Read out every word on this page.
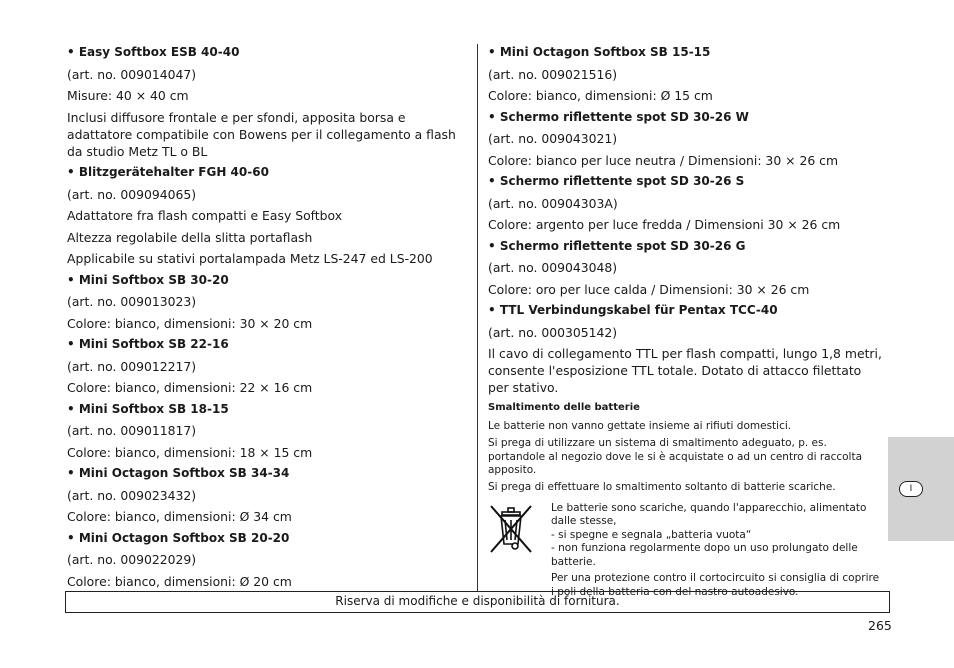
• Easy Softbox ESB 40-40
(art. no. 009014047)
Misure: 40 × 40 cm
Inclusi diffusore frontale e per sfondi, apposita borsa e adattatore compatibile con Bowens per il collegamento a flash da studio Metz TL o BL
• Blitzgerätehalter FGH 40-60
(art. no. 009094065)
Adattatore fra flash compatti e Easy Softbox
Altezza regolabile della slitta portaflash
Applicabile su stativi portalampada Metz LS-247 ed LS-200
• Mini Softbox SB 30-20
(art. no. 009013023)
Colore: bianco, dimensioni: 30 × 20 cm
• Mini Softbox SB 22-16
(art. no. 009012217)
Colore: bianco, dimensioni: 22 × 16 cm
• Mini Softbox SB 18-15
(art. no. 009011817)
Colore: bianco, dimensioni: 18 × 15 cm
• Mini Octagon Softbox SB 34-34
(art. no. 009023432)
Colore: bianco, dimensioni: Ø 34 cm
• Mini Octagon Softbox SB 20-20
(art. no. 009022029)
Colore: bianco, dimensioni: Ø 20 cm
• Mini Octagon Softbox SB 15-15
(art. no. 009021516)
Colore: bianco, dimensioni: Ø 15 cm
• Schermo riflettente spot SD 30-26 W
(art. no. 009043021)
Colore: bianco per luce neutra / Dimensioni: 30 × 26 cm
• Schermo riflettente spot SD 30-26 S
(art. no. 00904303A)
Colore: argento per luce fredda / Dimensioni 30 × 26 cm
• Schermo riflettente spot SD 30-26 G
(art. no. 009043048)
Colore: oro per luce calda / Dimensioni: 30 × 26 cm
• TTL Verbindungskabel für Pentax TCC-40
(art. no. 000305142)
Il cavo di collegamento TTL per flash compatti, lungo 1,8 metri, consente l'esposizione TTL totale. Dotato di attacco filettato per stativo.
Smaltimento delle batterie
Le batterie non vanno gettate insieme ai rifiuti domestici.
Si prega di utilizzare un sistema di smaltimento adeguato, p. es. portandole al negozio dove le si è acquistate o ad un centro di raccolta apposito.
Si prega di effettuare lo smaltimento soltanto di batterie scariche.
Le batterie sono scariche, quando l'apparecchio, alimentato dalle stesse,
- si spegne e segnala „batteria vuota“
- non funziona regolarmente dopo un uso prolungato delle batterie.
Per una protezione contro il cortocircuito si consiglia di coprire i poli della batteria con del nastro autoadesivo.
I
Riserva di modifiche e disponibilità di fornitura.
265
